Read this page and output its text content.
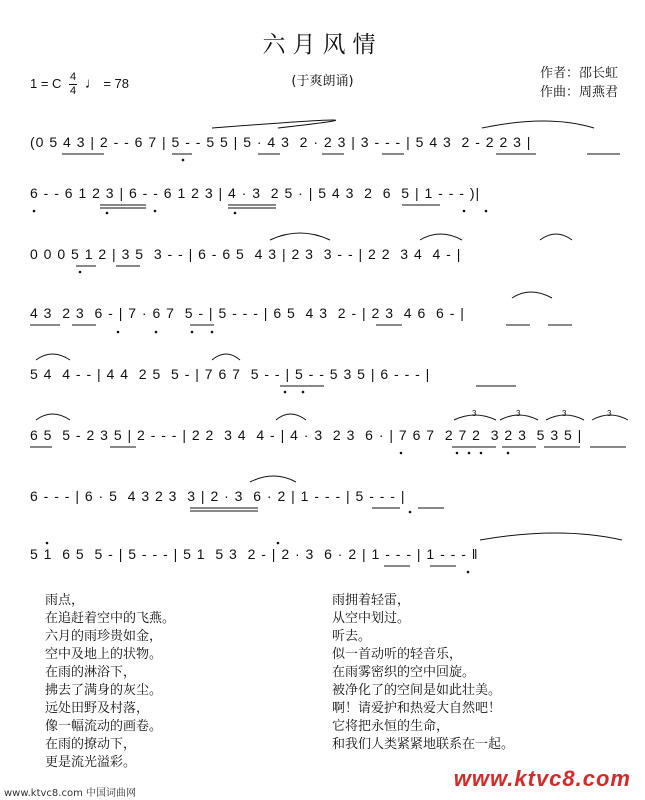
六月风情
1 = C $\frac{4}{4}$ ♩ = 78	(于爽朗诵)
作者：邵长虹
作曲：周燕君
(0 5 4 3 | 2 - - 6 7 | 5 - - 5 5 | 5 · 4 3  2 · 2 3 | 3 - - - | 5 4 3  2 - 2 2 3 |
6 - - 6 1 2 3 | 6 - - 6 1 2 3 | 4 · 3  2 5 · | 5 4 3  2  6  5 | 1 - - - )|
0 0 0 5 1 2 | 3 5  3 - - | 6 - 6 5  4 3 | 2 3  3 - - | 2 2  3 4  4 - |
4 3  2 3  6 - | 7 · 6 7  5 - | 5 - - - | 6 5  4 3  2 - | 2 3  4 6  6 - |
5 4  4 - - | 4 4  2 5  5 - | 7 6 7  5 - - | 5 - - 5 3 5 | 6 - - - |
6 5  5 - 2 3 5 | 2 - - - | 2 2  3 4  4 - | 4 · 3  2 3  6 · | 7 6 7  2 7 2  3 2 3  5 3 5 |
6 - - - | 6 · 5  4 3 2 3  3 | 2 · 3  6 · 2 | 1 - - - | 5 - - - |
5 1  6 5  5 - | 5 - - - | 5 1  5 3  2 - | 2 · 3  6 · 2 | 1 - - - | 1 - - - ‖
3	3	3	3
雨点，
在追赶着空中的飞燕。
六月的雨珍贵如金，
空中及地上的状物。
在雨的淋浴下，
拂去了满身的灰尘。
远处田野及村落，
像一幅流动的画卷。
在雨的撩动下，
更是流光溢彩。
雨拥着轻雷，
从空中划过。
听去。
似一首动听的轻音乐，
在雨雾密织的空中回旋。
被净化了的空间是如此壮美。
啊！请爱护和热爱大自然吧！
它将把永恒的生命，
和我们人类紧紧地联系在一起。
www.ktvc8.com
www.ktvc8.com 中国词曲网
